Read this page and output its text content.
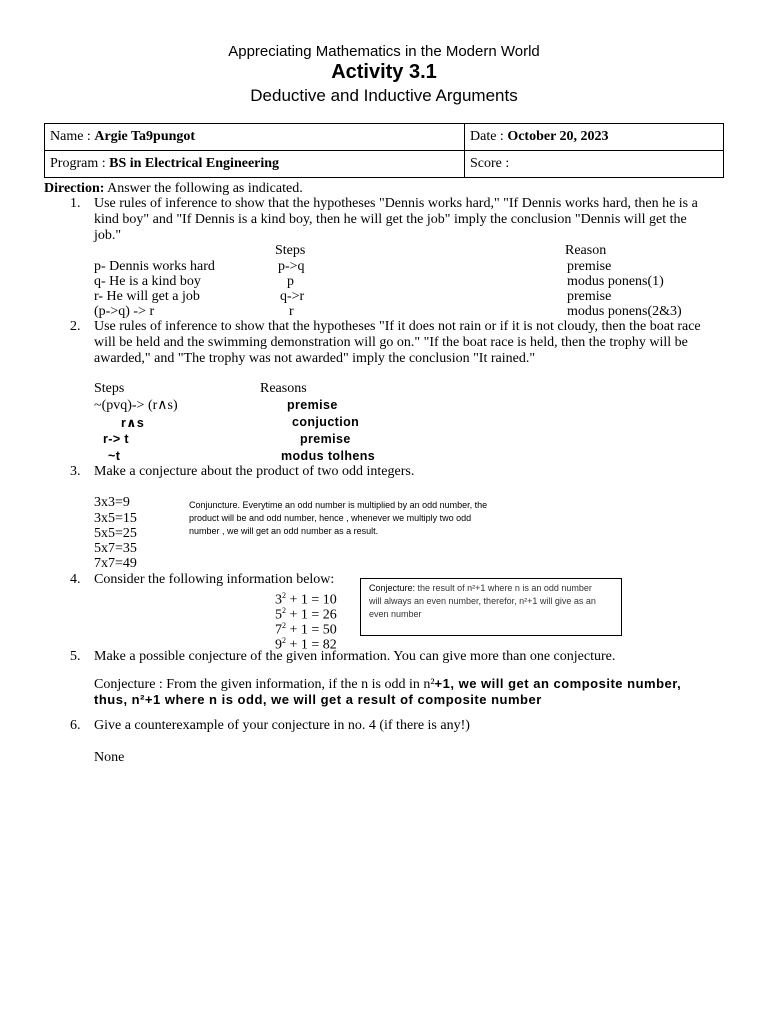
Appreciating Mathematics in the Modern World
Activity 3.1
Deductive and Inductive Arguments
Name : Argie Ta9pungot	Date : October 20, 2023
Program : BS in Electrical Engineering	Score :
Direction: Answer the following as indicated.
1. Use rules of inference to show that the hypotheses "Dennis works hard," "If Dennis works hard, then he is a
kind boy" and "If Dennis is a kind boy, then he will get the job" imply the conclusion "Dennis will get the
job."
Steps	Reason
p- Dennis works hard	p->q	premise
q- He is a kind boy	p	modus ponens(1)
r- He will get a job	q->r	premise
(p->q) -> r	r	modus ponens(2&3)
2. Use rules of inference to show that the hypotheses "If it does not rain or if it is not cloudy, then the boat race
will be held and the swimming demonstration will go on." "If the boat race is held, then the trophy will be
awarded," and "The trophy was not awarded" imply the conclusion "It rained."
Steps	Reasons
~(pvq)-> (r∧s)	premise
r∧s	conjuction
r-> t	premise
~t	modus tolhens
3. Make a conjecture about the product of two odd integers.
3x3=9
3x5=15
5x5=25
5x7=35
7x7=49
Conjuncture. Everytime an odd number is multiplied by an odd number, the
product will be and odd number, hence , whenever we multiply two odd
number , we will get an odd number as a result.
4. Consider the following information below:
$3^2 + 1 = 10$
$5^2 + 1 = 26$
$7^2 + 1 = 50$
$9^2 + 1 = 82$
Conjecture: the result of n²+1 where n is an odd number
will always an even number, therefor, n²+1 will give as an
even number
5. Make a possible conjecture of the given information. You can give more than one conjecture.
Conjecture : From the given information, if the n is odd in n²+1, we will get an composite number,
thus, n²+1 where n is odd, we will get a result of composite number
6. Give a counterexample of your conjecture in no. 4 (if there is any!)
None
